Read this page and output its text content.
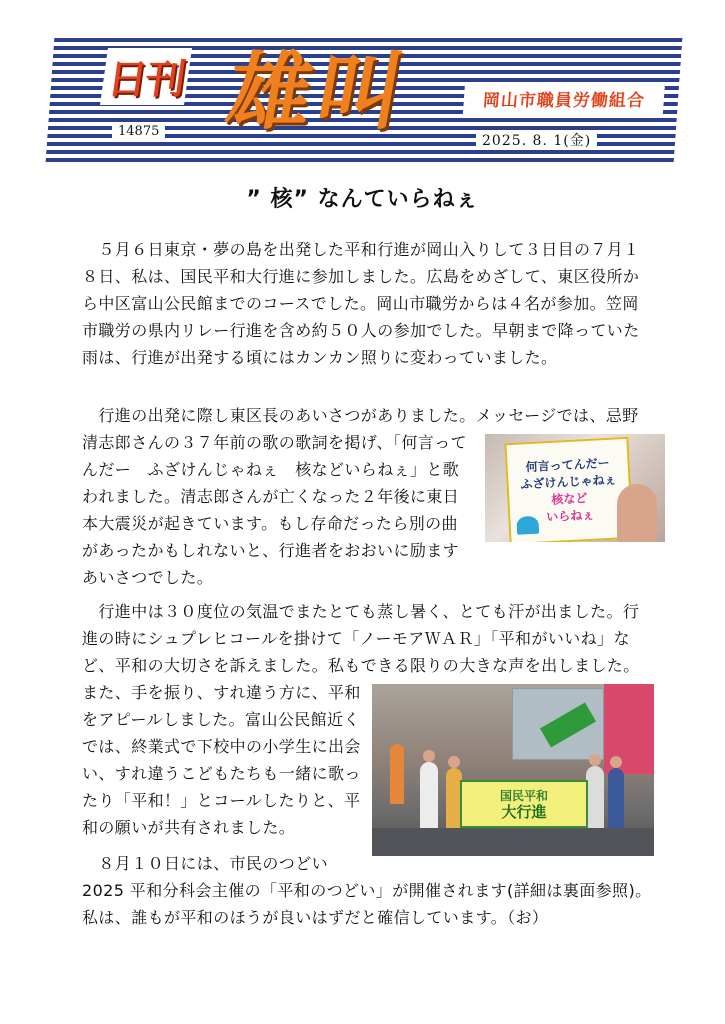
日刊 雄叫	岡山市職員労働組合
14875
2025. 8. 1(金)
” 核” なんていらねぇ

　５月６日東京・夢の島を出発した平和行進が岡山入りして３日目の７月１
８日、私は、国民平和大行進に参加しました。広島をめざして、東区役所か
ら中区富山公民館までのコースでした。岡山市職労からは４名が参加。笠岡
市職労の県内リレー行進を含め約５０人の参加でした。早朝まで降っていた
雨は、行進が出発する頃にはカンカン照りに変わっていました。

　行進の出発に際し東区長のあいさつがありました。メッセージでは、忌野
清志郎さんの３７年前の歌の歌詞を掲げ、「何言って
んだー　ふざけんじゃねぇ　核などいらねぇ」と歌
われました。清志郎さんが亡くなった２年後に東日
本大震災が起きています。もし存命だったら別の曲
があったかもしれないと、行進者をおおいに励ます
あいさつでした。

何言ってんだー
ふざけんじゃねぇ
核など
いらねぇ

　行進中は３０度位の気温でまたとても蒸し暑く、とても汗が出ました。行
進の時にシュプレヒコールを掛けて「ノーモアＷＡＲ」「平和がいいね」な
ど、平和の大切さを訴えました。私もできる限りの大きな声を出しました。
また、手を振り、すれ違う方に、平和
をアピールしました。富山公民館近く
では、終業式で下校中の小学生に出会
い、すれ違うこどもたちも一緒に歌っ
たり「平和！」とコールしたりと、平
和の願いが共有されました。

国民平和
大行進

　８月１０日には、市民のつどい
2025 平和分科会主催の「平和のつどい」が開催されます(詳細は裏面参照)。
私は、誰もが平和のほうが良いはずだと確信しています。（お）
